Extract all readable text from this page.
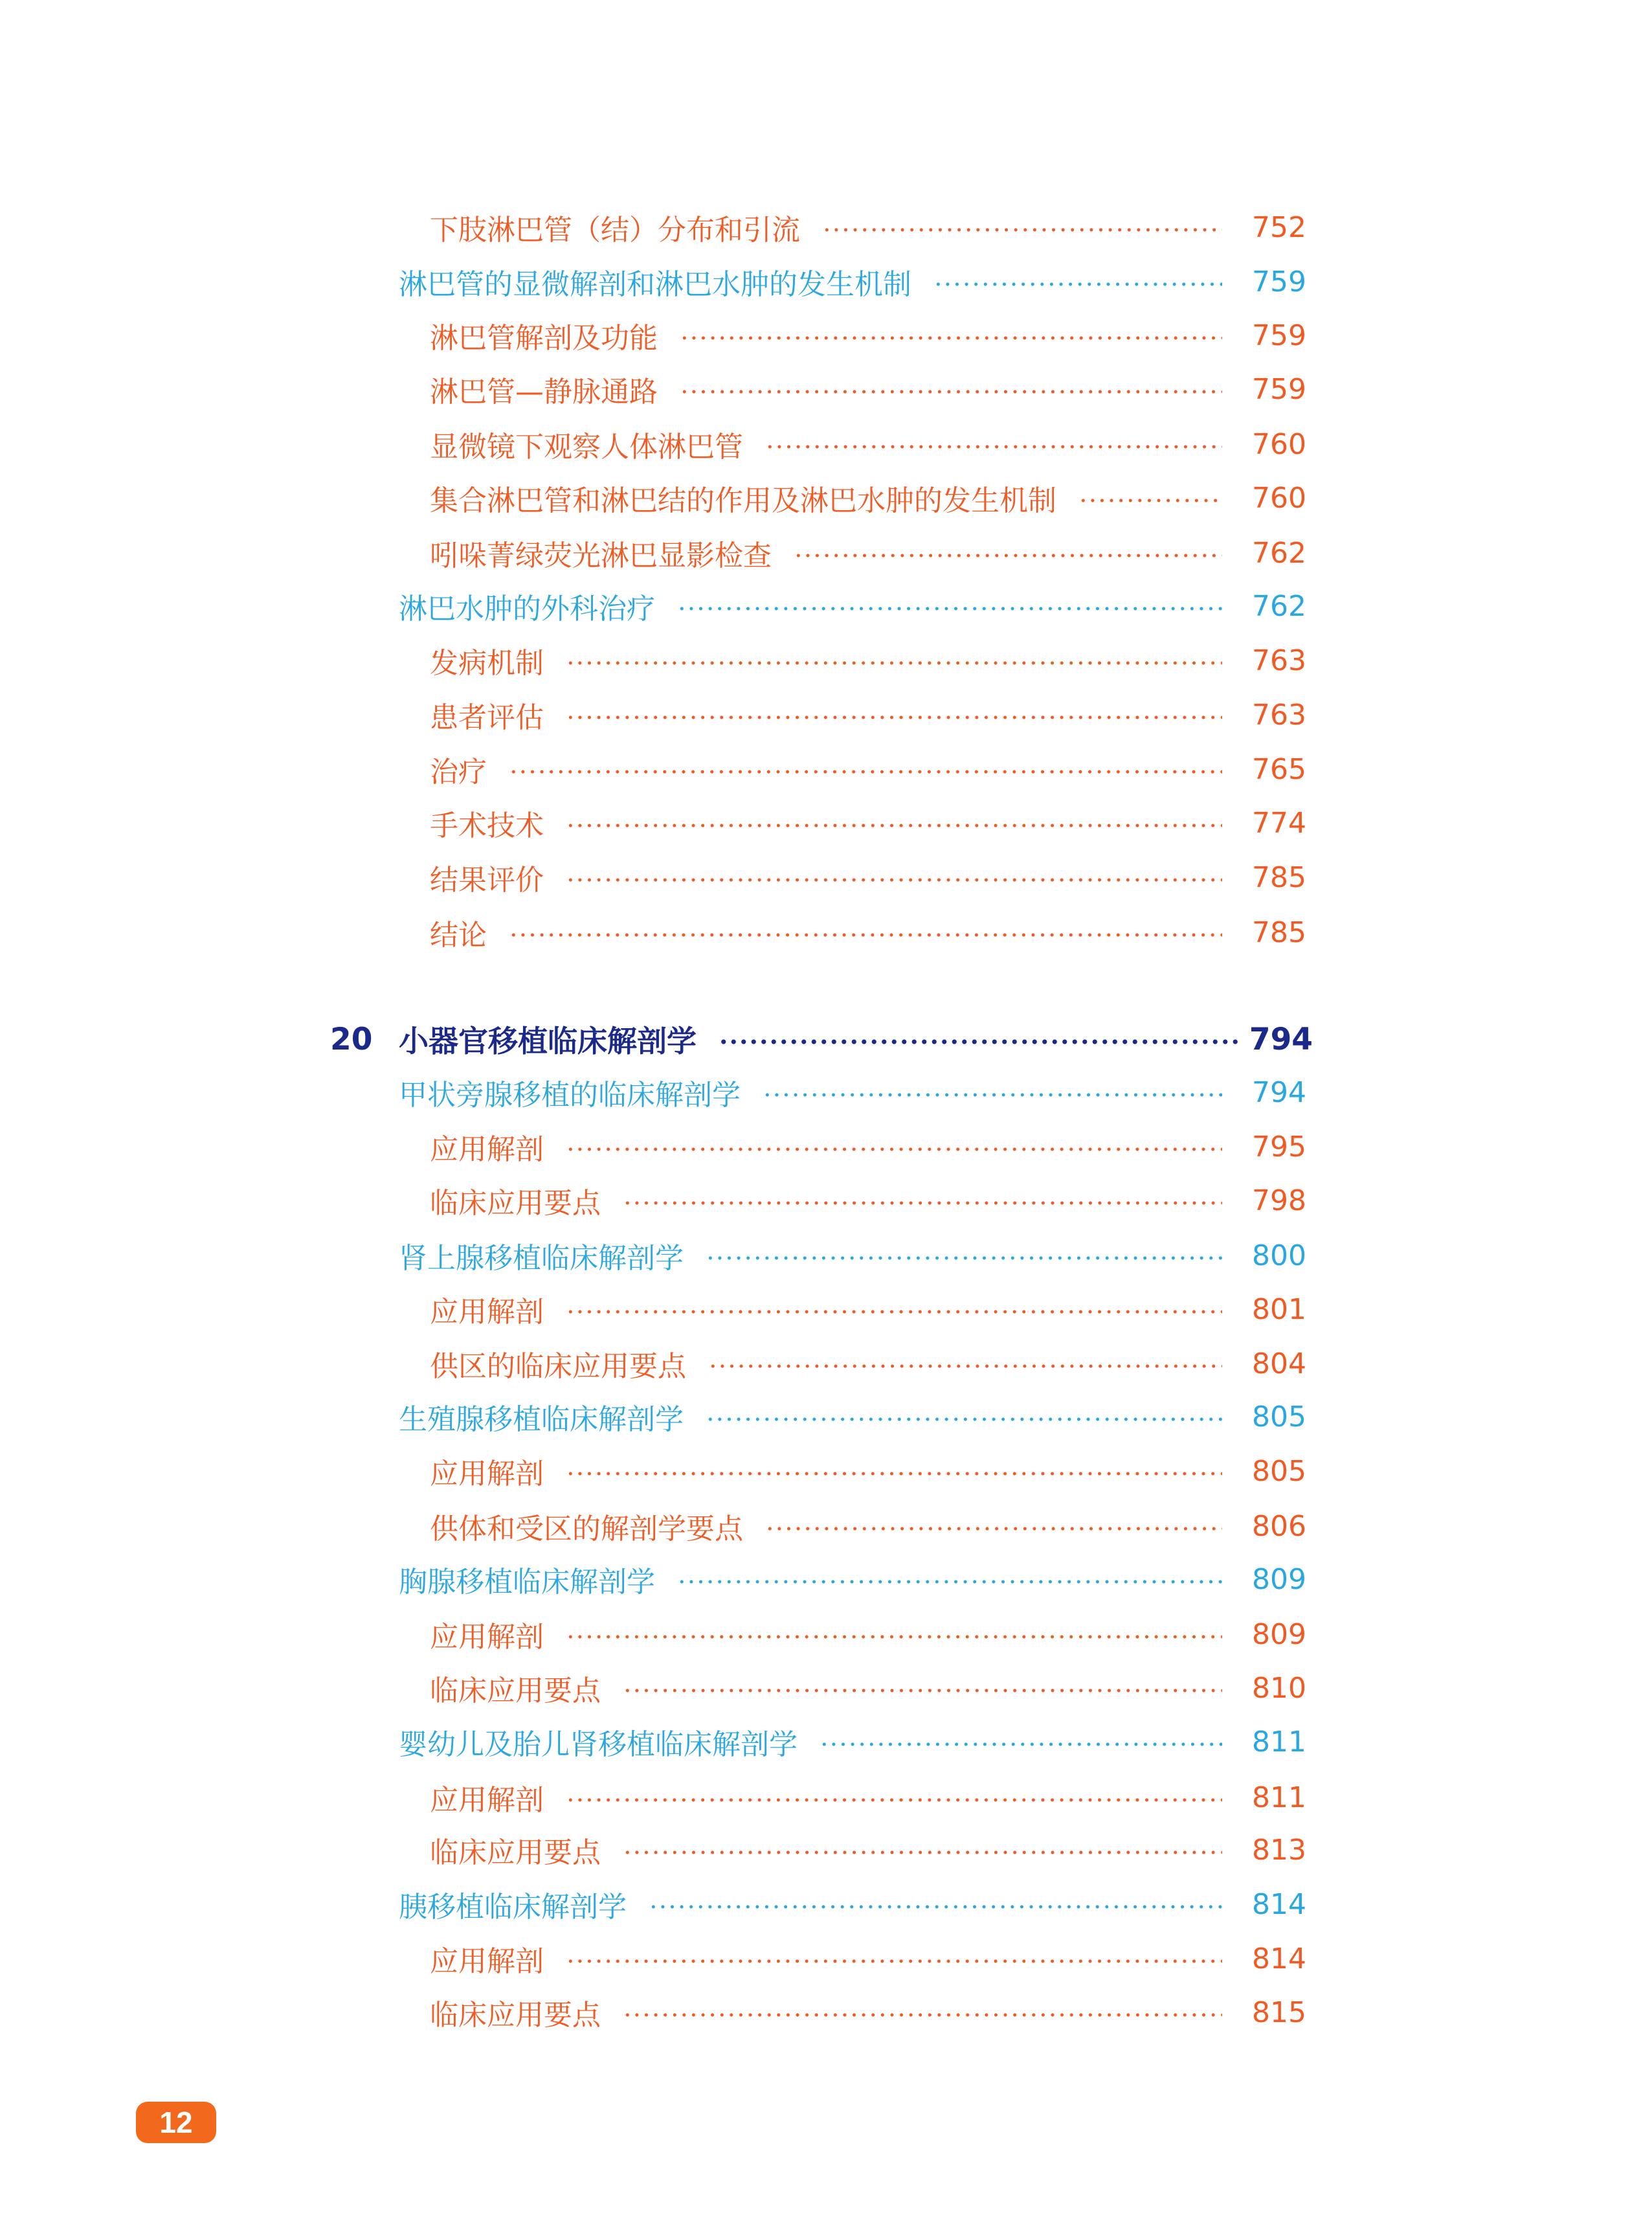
下肢淋巴管（结）分布和引流	752
淋巴管的显微解剖和淋巴水肿的发生机制	759
淋巴管解剖及功能	759
淋巴管—静脉通路	759
显微镜下观察人体淋巴管	760
集合淋巴管和淋巴结的作用及淋巴水肿的发生机制	760
吲哚菁绿荧光淋巴显影检查	762
淋巴水肿的外科治疗	762
发病机制	763
患者评估	763
治疗	765
手术技术	774
结果评价	785
结论	785
20 小器官移植临床解剖学	794
甲状旁腺移植的临床解剖学	794
应用解剖	795
临床应用要点	798
肾上腺移植临床解剖学	800
应用解剖	801
供区的临床应用要点	804
生殖腺移植临床解剖学	805
应用解剖	805
供体和受区的解剖学要点	806
胸腺移植临床解剖学	809
应用解剖	809
临床应用要点	810
婴幼儿及胎儿肾移植临床解剖学	811
应用解剖	811
临床应用要点	813
胰移植临床解剖学	814
应用解剖	814
临床应用要点	815
12
